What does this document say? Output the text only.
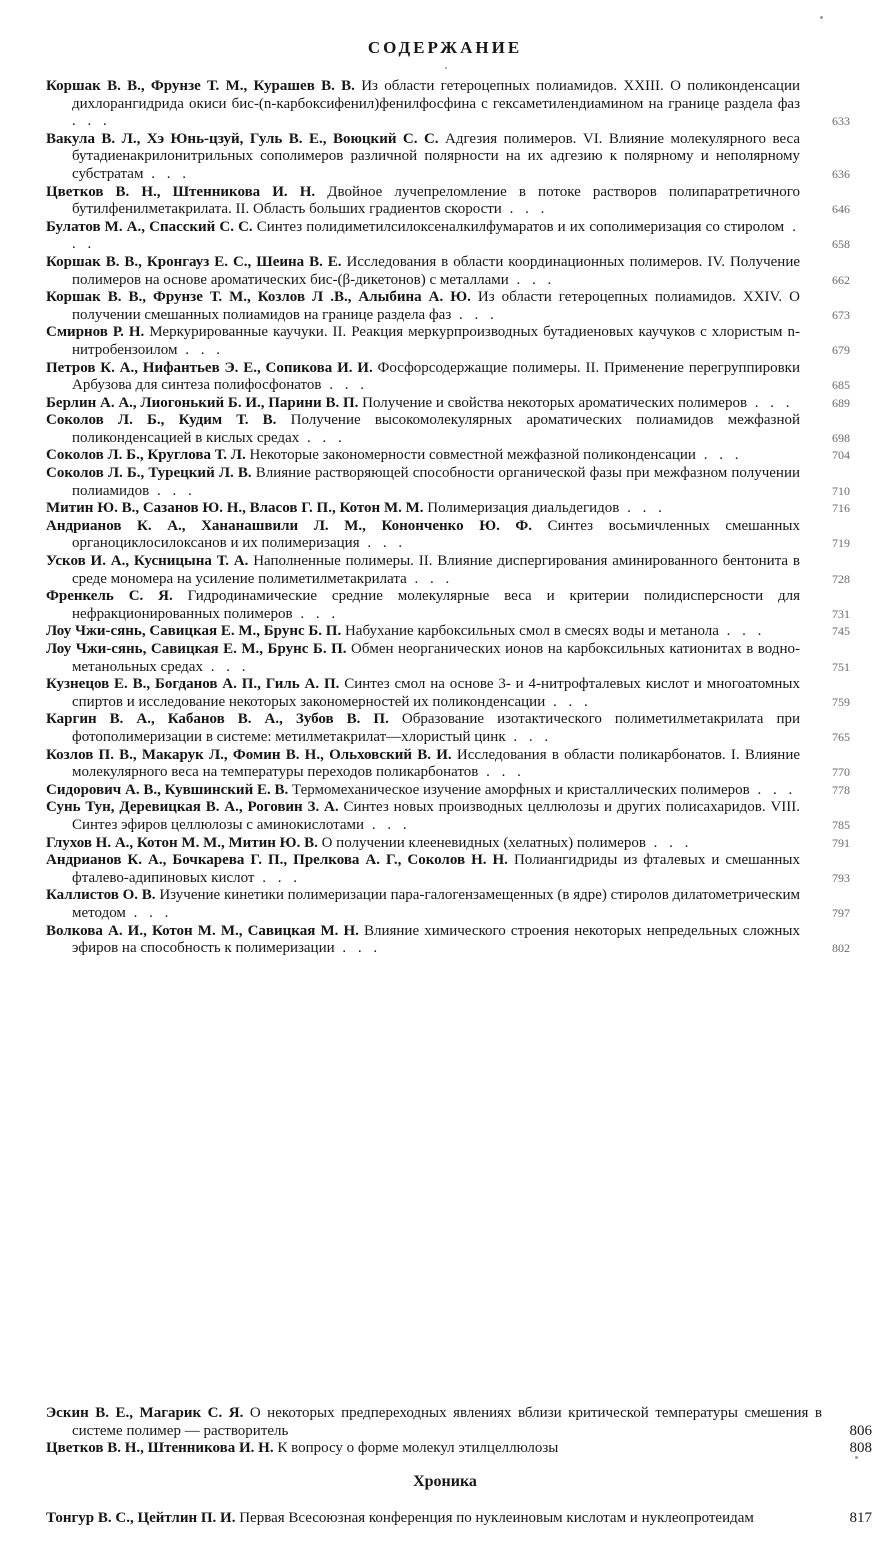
СОДЕРЖАНИЕ
Коршак В. В., Фрунзе Т. М., Курашев В. В. Из области гетероцепных полиамидов. XXIII. О поликонденсации дихлорангидрида окиси бис-(n-карбоксифенил)фенилфосфина с гексаметилендиамином на границе раздела фаз . . .	633
Вакула В. Л., Хэ Юнь-цзуй, Гуль В. Е., Воюцкий С. С. Адгезия полимеров. VI. Влияние молекулярного веса бутадиенакрилонитрильных сополимеров различной полярности на их адгезию к полярному и неполярному субстратам . . .	636
Цветков В. Н., Штенникова И. Н. Двойное лучепреломление в потоке растворов полипаратретичного бутилфенилметакрилата. II. Область больших градиентов скорости . . .	646
Булатов М. А., Спасский С. С. Синтез полидиметилсилоксеналкилфумаратов и их сополимеризация со стиролом . . .	658
Коршак В. В., Кронгауз Е. С., Шеина В. Е. Исследования в области координационных полимеров. IV. Получение полимеров на основе ароматических бис-(β-дикетонов) с металлами . . .	662
Коршак В. В., Фрунзе Т. М., Козлов Л .В., Алыбина А. Ю. Из области гетероцепных полиамидов. XXIV. О получении смешанных полиамидов на границе раздела фаз . . .	673
Смирнов Р. Н. Меркурированные каучуки. II. Реакция меркурпроизводных бутадиеновых каучуков с хлористым n-нитробензоилом . . .	679
Петров К. А., Нифантьев Э. Е., Сопикова И. И. Фосфорсодержащие полимеры. II. Применение перегруппировки Арбузова для синтеза полифосфонатов . . .	685
Берлин А. А., Лиогонький Б. И., Парини В. П. Получение и свойства некоторых ароматических полимеров . . .	689
Соколов Л. Б., Кудим Т. В. Получение высокомолекулярных ароматических полиамидов межфазной поликонденсацией в кислых средах . . .	698
Соколов Л. Б., Круглова Т. Л. Некоторые закономерности совместной межфазной поликонденсации . . .	704
Соколов Л. Б., Турецкий Л. В. Влияние растворяющей способности органической фазы при межфазном получении полиамидов . . .	710
Митин Ю. В., Сазанов Ю. Н., Власов Г. П., Котон М. М. Полимеризация диальдегидов . . .	716
Андрианов К. А., Хананашвили Л. М., Кононченко Ю. Ф. Синтез восьмичленных смешанных органоциклосилоксанов и их полимеризация . . .	719
Усков И. А., Кусницына Т. А. Наполненные полимеры. II. Влияние диспергирования аминированного бентонита в среде мономера на усиление полиметилметакрилата . . .	728
Френкель С. Я. Гидродинамические средние молекулярные веса и критерии полидисперсности для нефракционированных полимеров . . .	731
Лоу Чжи-сянь, Савицкая Е. М., Брунс Б. П. Набухание карбоксильных смол в смесях воды и метанола . . .	745
Лоу Чжи-сянь, Савицкая Е. М., Брунс Б. П. Обмен неорганических ионов на карбоксильных катионитах в водно-метанольных средах . . .	751
Кузнецов Е. В., Богданов А. П., Гиль А. П. Синтез смол на основе 3- и 4-нитрофталевых кислот и многоатомных спиртов и исследование некоторых закономерностей их поликонденсации . . .	759
Каргин В. А., Кабанов В. А., Зубов В. П. Образование изотактического полиметилметакрилата при фотополимеризации в системе: метилметакрилат—хлористый цинк . . .	765
Козлов П. В., Макарук Л., Фомин В. Н., Ольховский В. И. Исследования в области поликарбонатов. I. Влияние молекулярного веса на температуры переходов поликарбонатов . . .	770
Сидорович А. В., Кувшинский Е. В. Термомеханическое изучение аморфных и кристаллических полимеров . . .	778
Сунь Тун, Деревицкая В. А., Роговин З. А. Синтез новых производных целлюлозы и других полисахаридов. VIII. Синтез эфиров целлюлозы с аминокислотами . . .	785
Глухов Н. А., Котон М. М., Митин Ю. В. О получении клееневидных (хелатных) полимеров . . .	791
Андрианов К. А., Бочкарева Г. П., Прелкова А. Г., Соколов Н. Н. Полиангидриды из фталевых и смешанных фталево-адипиновых кислот . . .	793
Каллистов О. В. Изучение кинетики полимеризации пара-галогензамещенных (в ядре) стиролов дилатометрическим методом . . .	797
Волкова А. И., Котон М. М., Савицкая М. Н. Влияние химического строения некоторых непредельных сложных эфиров на способность к полимеризации . . .	802
Эскин В. Е., Магарик С. Я. О некоторых предпереходных явлениях вблизи критической температуры смешения в системе полимер — растворитель	806
Цветков В. Н., Штенникова И. Н. К вопросу о форме молекул этилцеллюлозы	808
Хроника
Тонгур В. С., Цейтлин П. И. Первая Всесоюзная конференция по нуклеиновым кислотам и нуклеопротеидам	817
